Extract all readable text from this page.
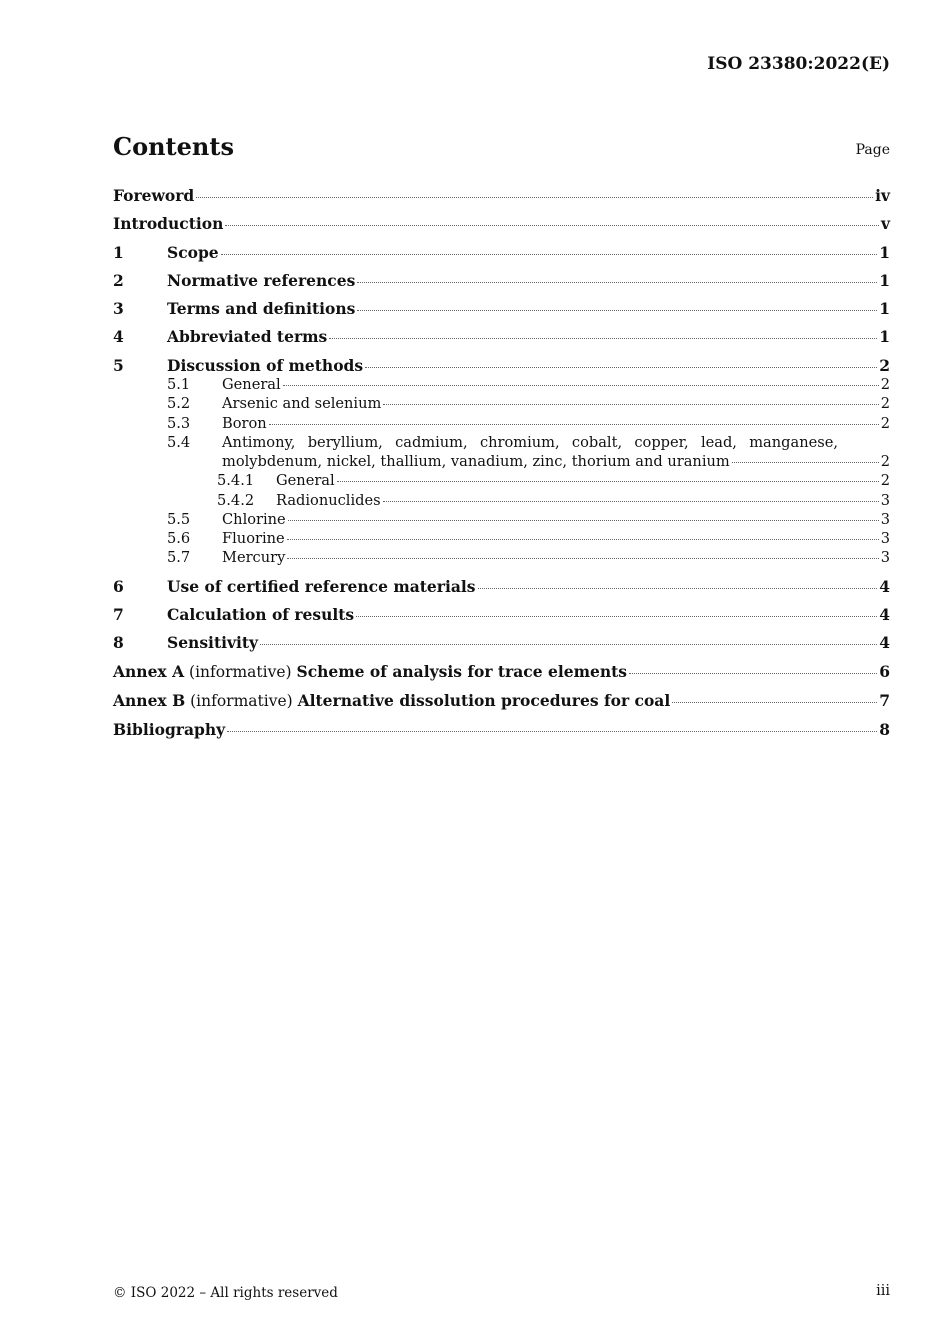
ISO 23380:2022(E)
Contents	Page
Foreword	iv
Introduction	v
1	Scope	1
2	Normative references	1
3	Terms and definitions	1
4	Abbreviated terms	1
5	Discussion of methods	2
5.1	General	2
5.2	Arsenic and selenium	2
5.3	Boron	2
5.4	Antimony, beryllium, cadmium, chromium, cobalt, copper, lead, manganese,
molybdenum, nickel, thallium, vanadium, zinc, thorium and uranium	2
5.4.1	General	2
5.4.2	Radionuclides	3
5.5	Chlorine	3
5.6	Fluorine	3
5.7	Mercury	3
6	Use of certified reference materials	4
7	Calculation of results	4
8	Sensitivity	4
Annex A (informative) Scheme of analysis for trace elements	6
Annex B (informative) Alternative dissolution procedures for coal	7
Bibliography	8
© ISO 2022 – All rights reserved	iii
